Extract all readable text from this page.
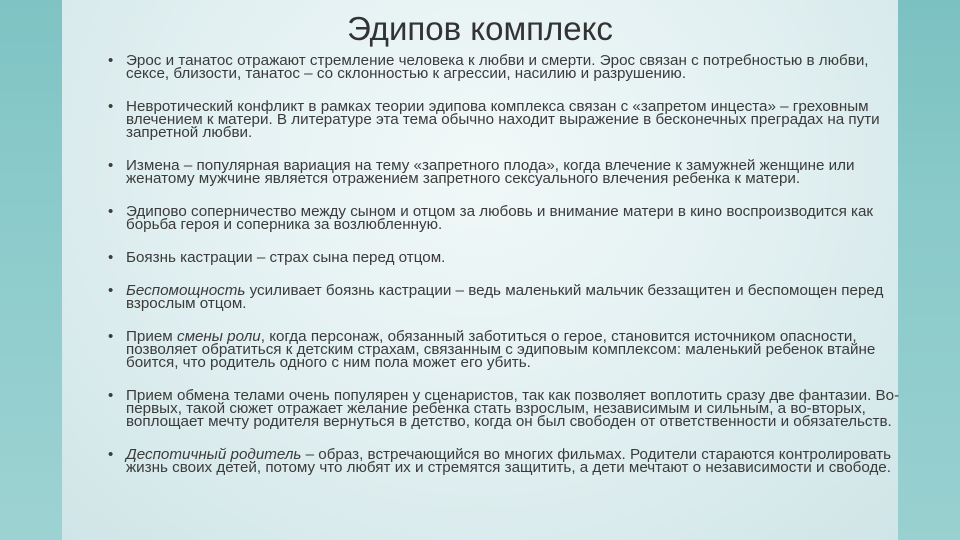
Эдипов комплекс
• Эрос и танатос отражают стремление человека к любви и смерти. Эрос связан с потребностью в любви, сексе, близости, танатос – со склонностью к агрессии, насилию и разрушению.
• Невротический конфликт в рамках теории эдипова комплекса связан с «запретом инцеста» – греховным влечением к матери. В литературе эта тема обычно находит выражение в бесконечных преградах на пути запретной любви.
• Измена – популярная вариация на тему «запретного плода», когда влечение к замужней женщине или женатому мужчине является отражением запретного сексуального влечения ребенка к матери.
• Эдипово соперничество между сыном и отцом за любовь и внимание матери в кино воспроизводится как борьба героя и соперника за возлюбленную.
• Боязнь кастрации – страх сына перед отцом.
• Беспомощность усиливает боязнь кастрации – ведь маленький мальчик беззащитен и беспомощен перед взрослым отцом.
• Прием смены роли, когда персонаж, обязанный заботиться о герое, становится источником опасности, позволяет обратиться к детским страхам, связанным с эдиповым комплексом: маленький ребенок втайне боится, что родитель одного с ним пола может его убить.
• Прием обмена телами очень популярен у сценаристов, так как позволяет воплотить сразу две фантазии. Во-первых, такой сюжет отражает желание ребенка стать взрослым, независимым и сильным, а во-вторых, воплощает мечту родителя вернуться в детство, когда он был свободен от ответственности и обязательств.
• Деспотичный родитель – образ, встречающийся во многих фильмах. Родители стараются контролировать жизнь своих детей, потому что любят их и стремятся защитить, а дети мечтают о независимости и свободе.
